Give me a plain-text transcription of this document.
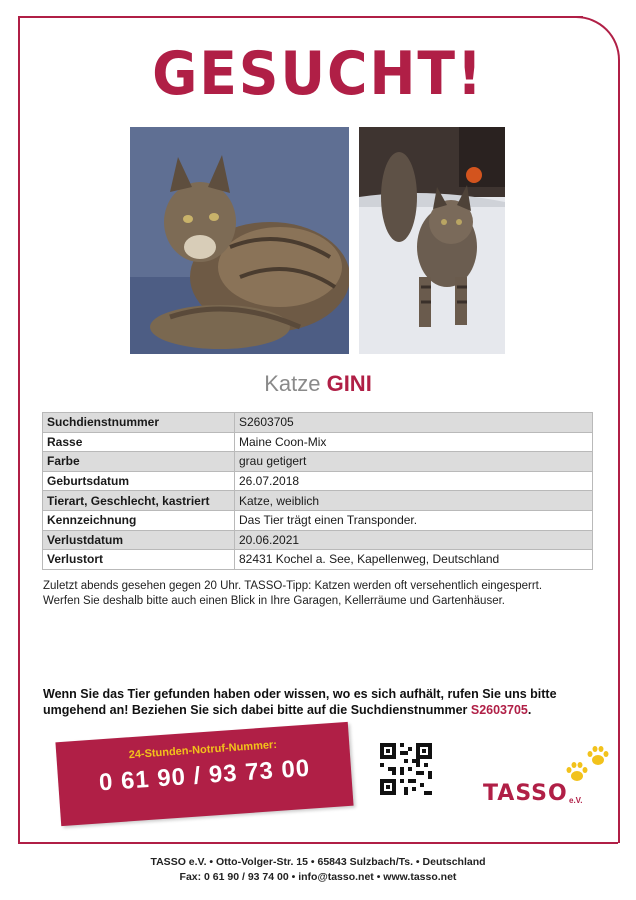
GESUCHT!
Katze GINI
Suchdienstnummer	S2603705
Rasse	Maine Coon-Mix
Farbe	grau getigert
Geburtsdatum	26.07.2018
Tierart, Geschlecht, kastriert	Katze, weiblich
Kennzeichnung	Das Tier trägt einen Transponder.
Verlustdatum	20.06.2021
Verlustort	82431 Kochel a. See, Kapellenweg, Deutschland
Zuletzt abends gesehen gegen 20 Uhr. TASSO-Tipp: Katzen werden oft versehentlich eingesperrt.
Werfen Sie deshalb bitte auch einen Blick in Ihre Garagen, Kellerräume und Gartenhäuser.
Wenn Sie das Tier gefunden haben oder wissen, wo es sich aufhält, rufen Sie uns bitte
umgehend an! Beziehen Sie sich dabei bitte auf die Suchdienstnummer S2603705.
24-Stunden-Notruf-Nummer:
0 61 90 / 93 73 00	TASSO e.V.
TASSO e.V. • Otto-Volger-Str. 15 • 65843 Sulzbach/Ts. • Deutschland
Fax: 0 61 90 / 93 74 00 • info@tasso.net • www.tasso.net
